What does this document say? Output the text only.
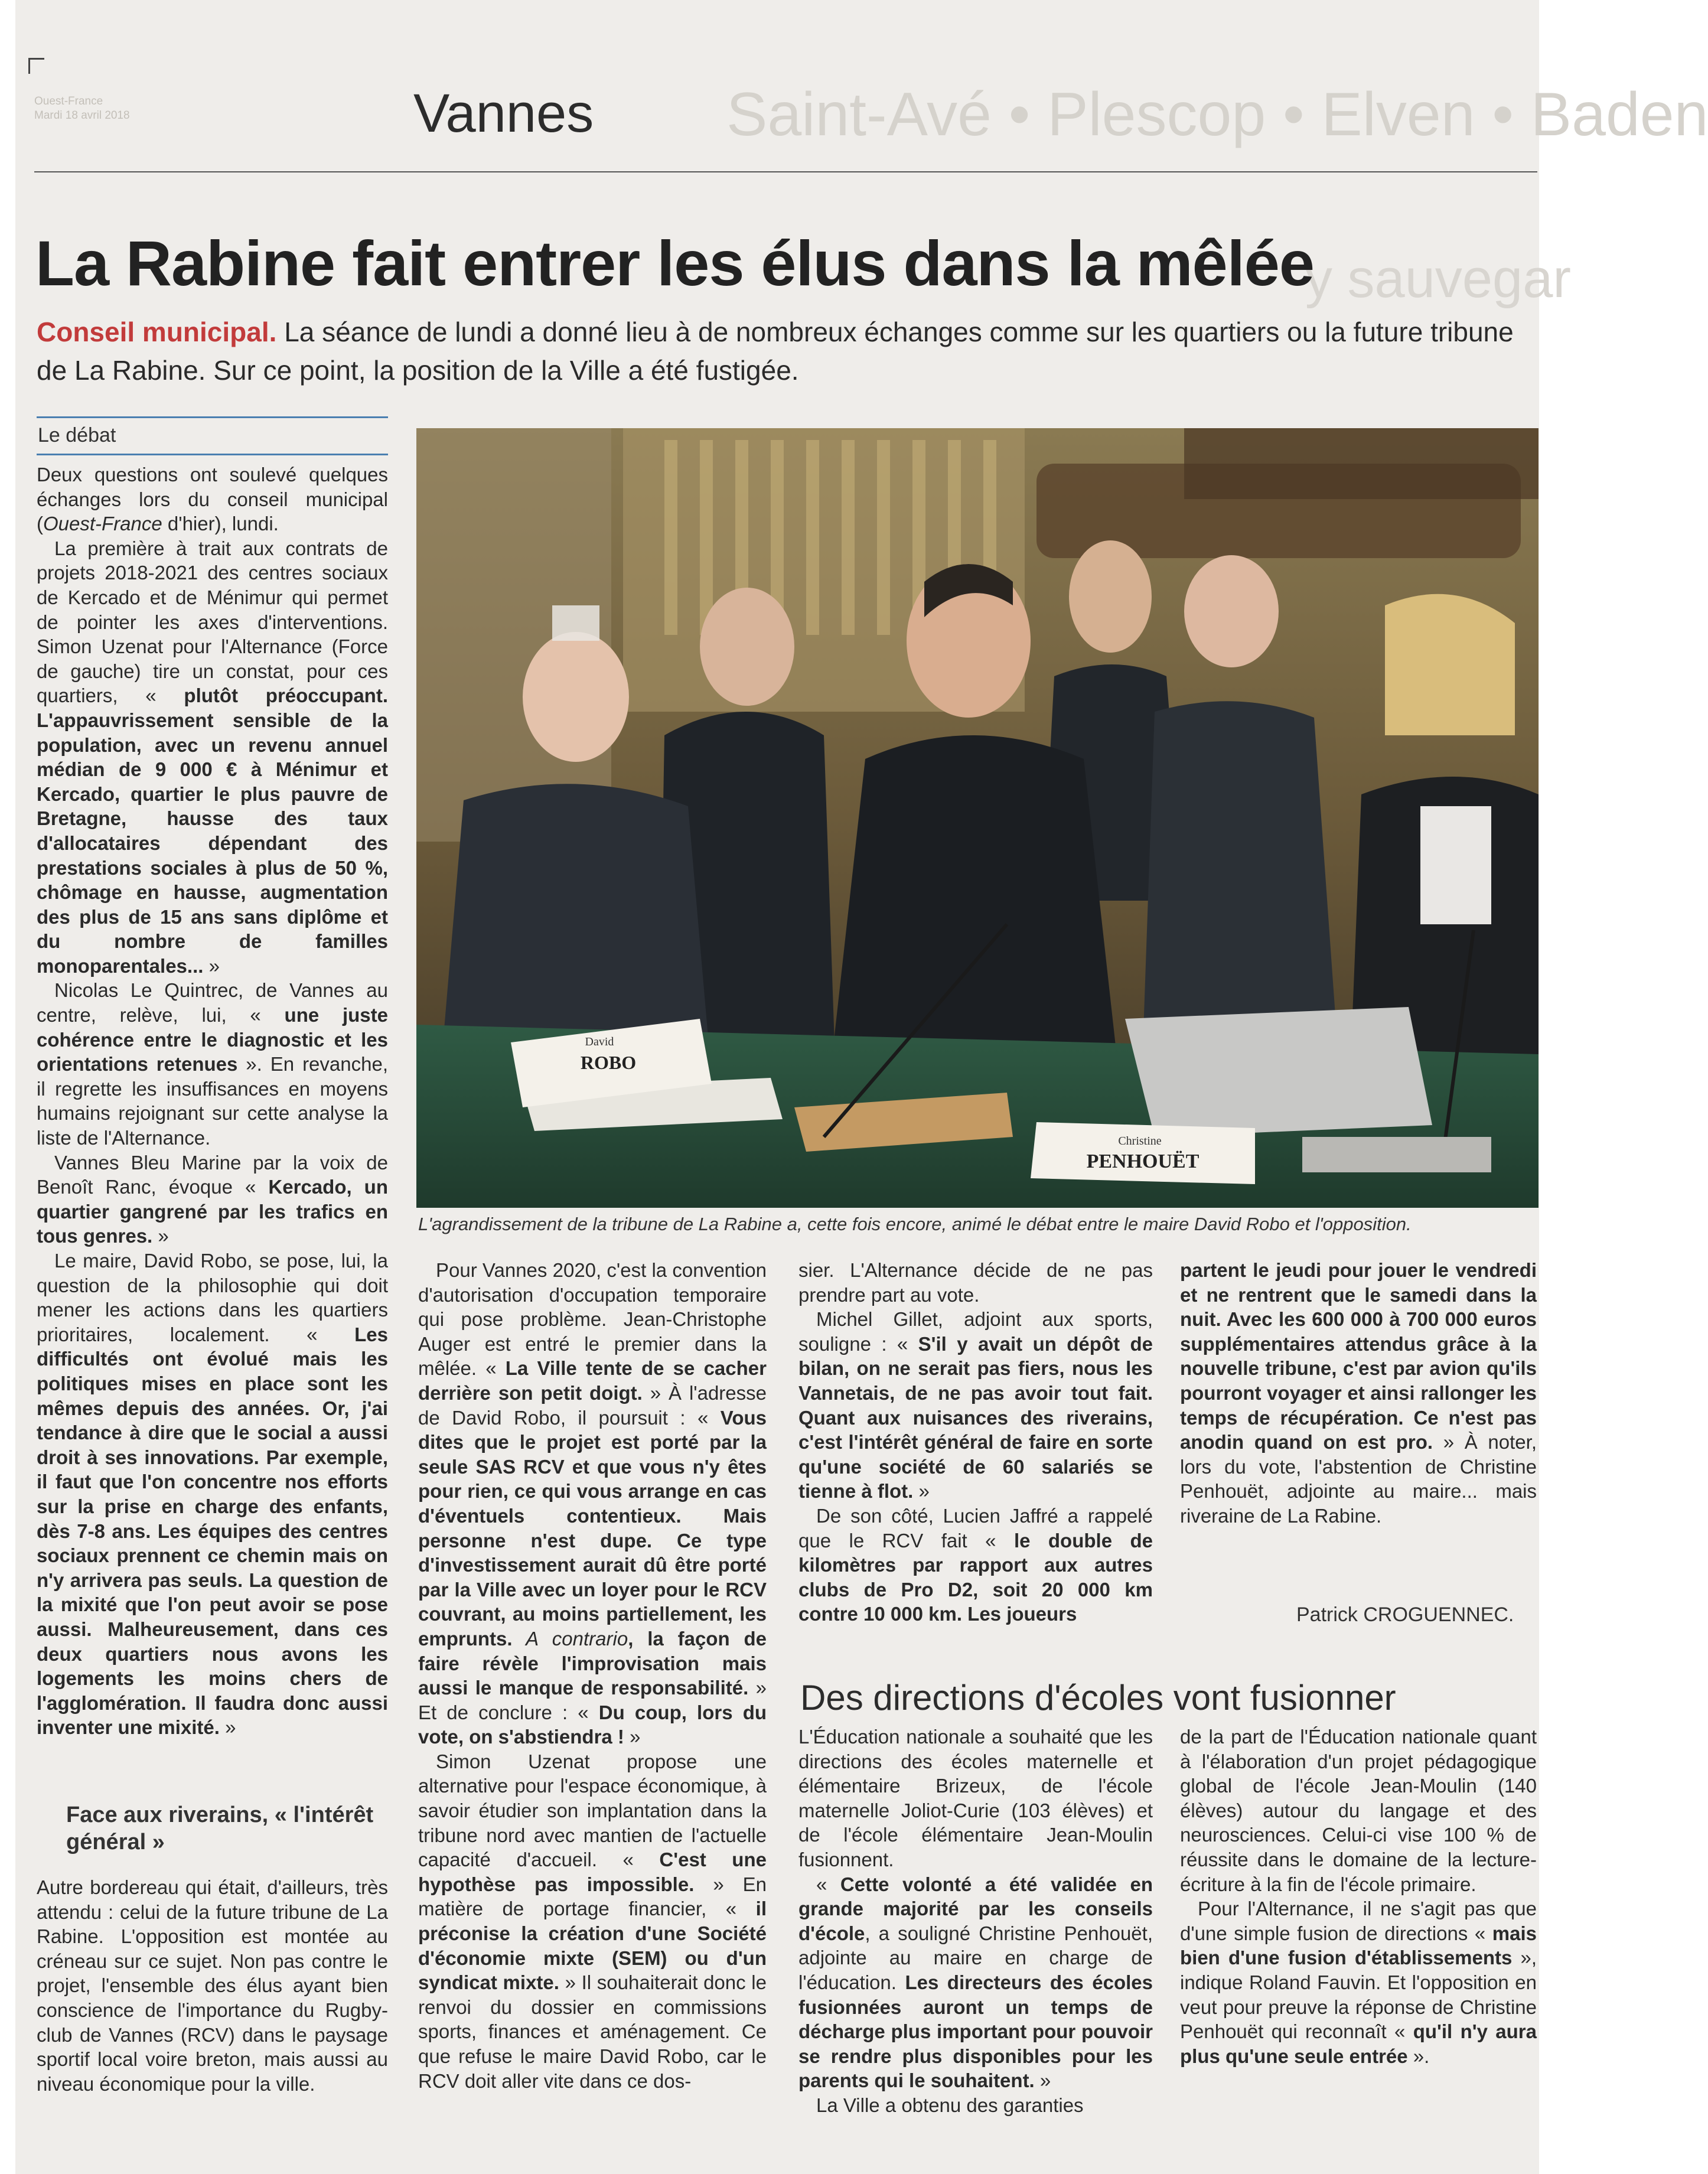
Saint-Avé • Plescop • Elven • Baden
Ouest-France
Mardi 18 avril 2018
y sauvegar
Vannes
La Rabine fait entrer les élus dans la mêlée
Conseil municipal. La séance de lundi a donné lieu à de nombreux échanges comme sur les quartiers ou la future tribune de La Rabine. Sur ce point, la position de la Ville a été fustigée.
Le débat

Deux questions ont soulevé quelques échanges lors du conseil municipal (Ouest-France d'hier), lundi.

La première à trait aux contrats de projets 2018-2021 des centres sociaux de Kercado et de Ménimur qui permet de pointer les axes d'interventions. Simon Uzenat pour l'Alternance (Force de gauche) tire un constat, pour ces quartiers, « plutôt préoccupant. L'appauvrissement sensible de la population, avec un revenu annuel médian de 9 000 € à Ménimur et Kercado, quartier le plus pauvre de Bretagne, hausse des taux d'allocataires dépendant des prestations sociales à plus de 50 %, chômage en hausse, augmentation des plus de 15 ans sans diplôme et du nombre de familles monoparentales... »

Nicolas Le Quintrec, de Vannes au centre, relève, lui, « une juste cohérence entre le diagnostic et les orientations retenues ». En revanche, il regrette les insuffisances en moyens humains rejoignant sur cette analyse la liste de l'Alternance.

Vannes Bleu Marine par la voix de Benoît Ranc, évoque « Kercado, un quartier gangrené par les trafics en tous genres. »

Le maire, David Robo, se pose, lui, la question de la philosophie qui doit mener les actions dans les quartiers prioritaires, localement. « Les difficultés ont évolué mais les politiques mises en place sont les mêmes depuis des années. Or, j'ai tendance à dire que le social a aussi droit à ses innovations. Par exemple, il faut que l'on concentre nos efforts sur la prise en charge des enfants, dès 7-8 ans. Les équipes des centres sociaux prennent ce chemin mais on n'y arrivera pas seuls. La question de la mixité que l'on peut avoir se pose aussi. Malheureusement, dans ces deux quartiers nous avons les logements les moins chers de l'agglomération. Il faudra donc aussi inventer une mixité. »

Face aux riverains, « l'intérêt général »

Autre bordereau qui était, d'ailleurs, très attendu : celui de la future tribune de La Rabine. L'opposition est montée au créneau sur ce sujet. Non pas contre le projet, l'ensemble des élus ayant bien conscience de l'importance du Rugby-club de Vannes (RCV) dans le paysage sportif local voire breton, mais aussi au niveau économique pour la ville.

David
ROBO
Christine
PENHOUËT
L'agrandissement de la tribune de La Rabine a, cette fois encore, animé le débat entre le maire David Robo et l'opposition.

Pour Vannes 2020, c'est la convention d'autorisation d'occupation temporaire qui pose problème. Jean-Christophe Auger est entré le premier dans la mêlée. « La Ville tente de se cacher derrière son petit doigt. » À l'adresse de David Robo, il poursuit : « Vous dites que le projet est porté par la seule SAS RCV et que vous n'y êtes pour rien, ce qui vous arrange en cas d'éventuels contentieux. Mais personne n'est dupe. Ce type d'investissement aurait dû être porté par la Ville avec un loyer pour le RCV couvrant, au moins partiellement, les emprunts. A contrario, la façon de faire révèle l'improvisation mais aussi le manque de responsabilité. » Et de conclure : « Du coup, lors du vote, on s'abstiendra ! »

Simon Uzenat propose une alternative pour l'espace économique, à savoir étudier son implantation dans la tribune nord avec mantien de l'actuelle capacité d'accueil. « C'est une hypothèse pas impossible. » En matière de portage financier, « il préconise la création d'une Société d'économie mixte (SEM) ou d'un syndicat mixte. » Il souhaiterait donc le renvoi du dossier en commissions sports, finances et aménagement. Ce que refuse le maire David Robo, car le RCV doit aller vite dans ce dos-

sier. L'Alternance décide de ne pas prendre part au vote.

Michel Gillet, adjoint aux sports, souligne : « S'il y avait un dépôt de bilan, on ne serait pas fiers, nous les Vannetais, de ne pas avoir tout fait. Quant aux nuisances des riverains, c'est l'intérêt général de faire en sorte qu'une société de 60 salariés se tienne à flot. »

De son côté, Lucien Jaffré a rappelé que le RCV fait « le double de kilomètres par rapport aux autres clubs de Pro D2, soit 20 000 km contre 10 000 km. Les joueurs

partent le jeudi pour jouer le vendredi et ne rentrent que le samedi dans la nuit. Avec les 600 000 à 700 000 euros supplémentaires attendus grâce à la nouvelle tribune, c'est par avion qu'ils pourront voyager et ainsi rallonger les temps de récupération. Ce n'est pas anodin quand on est pro. » À noter, lors du vote, l'abstention de Christine Penhouët, adjointe au maire... mais riveraine de La Rabine.

Patrick CROGUENNEC.
Des directions d'écoles vont fusionner

L'Éducation nationale a souhaité que les directions des écoles maternelle et élémentaire Brizeux, de l'école maternelle Joliot-Curie (103 élèves) et de l'école élémentaire Jean-Moulin fusionnent.

« Cette volonté a été validée en grande majorité par les conseils d'école, a souligné Christine Penhouët, adjointe au maire en charge de l'éducation. Les directeurs des écoles fusionnées auront un temps de décharge plus important pour pouvoir se rendre plus disponibles pour les parents qui le souhaitent. »

La Ville a obtenu des garanties

de la part de l'Éducation nationale quant à l'élaboration d'un projet pédagogique global de l'école Jean-Moulin (140 élèves) autour du langage et des neurosciences. Celui-ci vise 100 % de réussite dans le domaine de la lecture-écriture à la fin de l'école primaire.

Pour l'Alternance, il ne s'agit pas que d'une simple fusion de directions « mais bien d'une fusion d'établissements », indique Roland Fauvin. Et l'opposition en veut pour preuve la réponse de Christine Penhouët qui reconnaît « qu'il n'y aura plus qu'une seule entrée ».
